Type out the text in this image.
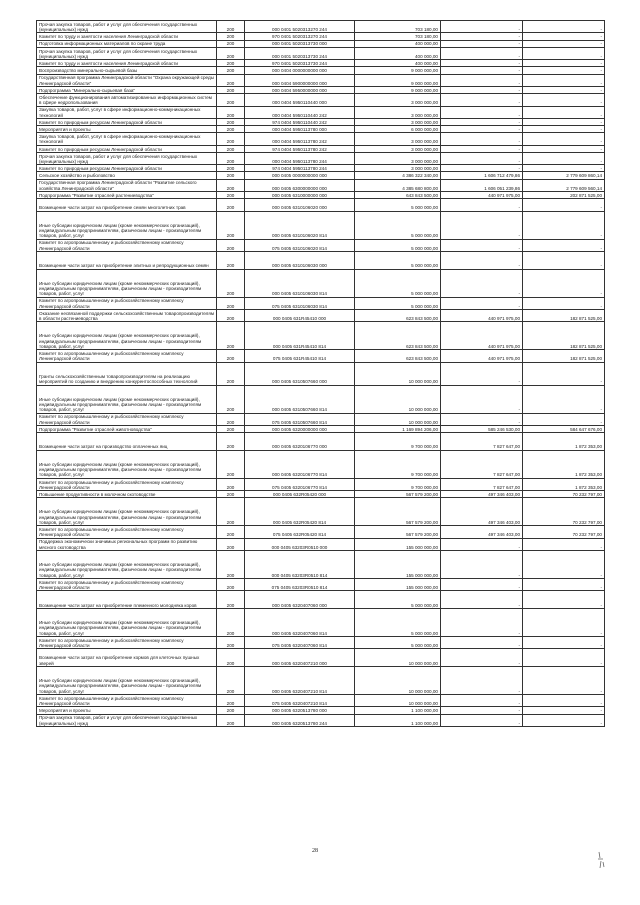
Прочая закупка товаров, работ и услуг для обеспечения государственных (муниципальных) нужд	200	000 0401 5020313270 244	703 180,00	-	-
Комитет по труду и занятости населения Ленинградской области	200	970 0401 5020313270 244	703 180,00	-	-
Подготовка информационных материалов по охране труда	200	000 0401 5020313730 000	400 000,00	-	-
Прочая закупка товаров, работ и услуг для обеспечения государственных (муниципальных) нужд	200	000 0401 5020313730 244	400 000,00	-	-
Комитет по труду и занятости населения Ленинградской области	200	970 0401 5020313730 244	400 000,00	-	-
Воспроизводство минерально-сырьевой базы	200	000 0404 0000000000 000	9 000 000,00	-	-
Государственная программа Ленинградской области "Охрана окружающей среды Ленинградской области"	200	000 0404 5900000000 000	9 000 000,00	-	-
Подпрограмма "Минерально-сырьевая база"	200	000 0404 5950000000 000	9 000 000,00	-	-
Обеспечение функционирования автоматизированных информационных систем в сфере недропользования	200	000 0404 5950110440 000	3 000 000,00	-	-
Закупка товаров, работ, услуг в сфере информационно-коммуникационных технологий	200	000 0404 5950110440 242	3 000 000,00	-	-
Комитет по природным ресурсам Ленинградской области	200	974 0404 5950110440 242	3 000 000,00	-	-
Мероприятия и проекты	200	000 0404 5950113780 000	6 000 000,00	-	-
Закупка товаров, работ, услуг в сфере информационно-коммуникационных технологий	200	000 0404 5950113780 242	3 000 000,00	-	-
Комитет по природным ресурсам Ленинградской области	200	974 0404 5950113780 242	3 000 000,00	-	-
Прочая закупка товаров, работ и услуг для обеспечения государственных (муниципальных) нужд	200	000 0404 5950113780 244	3 000 000,00	-	-
Комитет по природным ресурсам Ленинградской области	200	974 0404 5950113780 244	3 000 000,00	-	-
Сельское хозяйство и рыболовство	200	000 0405 0000000000 000	4 386 322 340,00	1 606 712 479,86	2 779 609 860,14
Государственная программа Ленинградской области "Развитие сельского хозяйства Ленинградской области"	200	000 0405 6300000000 000	4 385 680 800,00	1 606 051 239,86	2 779 609 560,14
Подпрограмма "Развитие отраслей растениеводства"	200	000 0405 6310000000 000	643 843 500,00	440 971 975,00	202 871 525,00
Возмещение части затрат на приобретение семян многолетних трав	200	000 0405 6310106020 000	5 000 000,00	-	-
Иные субсидии юридическим лицам (кроме некоммерческих организаций), индивидуальным предпринимателям, физическим лицам - производителям товаров, работ, услуг	200	000 0405 6310106020 814	5 000 000,00	-	-
Комитет по агропромышленному и рыбохозяйственному комплексу Ленинградской области	200	075 0405 6310106020 814	5 000 000,00	-	-
Возмещение части затрат на приобретение элитных и репродукционных семян	200	000 0405 6310106030 000	5 000 000,00	-	-
Иные субсидии юридическим лицам (кроме некоммерческих организаций), индивидуальным предпринимателям, физическим лицам - производителям товаров, работ, услуг	200	000 0405 6310106030 814	5 000 000,00	-	-
Комитет по агропромышленному и рыбохозяйственному комплексу Ленинградской области	200	075 0405 6310106030 814	5 000 000,00	-	-
Оказание несвязанной поддержки сельскохозяйственным товаропроизводителям в области растениеводства	200	000 0405 631R45410 000	623 843 500,00	440 971 975,00	182 871 525,00
Иные субсидии юридическим лицам (кроме некоммерческих организаций), индивидуальным предпринимателям, физическим лицам - производителям товаров, работ, услуг	200	000 0405 631R45410 814	623 843 500,00	440 971 975,00	182 871 525,00
Комитет по агропромышленному и рыбохозяйственному комплексу Ленинградской области	200	075 0405 631R45410 814	623 843 500,00	440 971 975,00	182 871 525,00
Гранты сельскохозяйственным товаропроизводителям на реализацию мероприятий по созданию и внедрению конкурентоспособных технологий	200	000 0405 6310507660 000	10 000 000,00	-	-
Иные субсидии юридическим лицам (кроме некоммерческих организаций), индивидуальным предпринимателям, физическим лицам - производителям товаров, работ, услуг	200	000 0405 6310507660 814	10 000 000,00	-	-
Комитет по агропромышленному и рыбохозяйственному комплексу Ленинградской области	200	075 0405 6310507660 814	10 000 000,00	-	-
Подпрограмма "Развитие отраслей животноводства"	200	000 0405 6320000000 000	1 169 894 206,00	585 246 530,00	584 647 676,00
Возмещение части затрат на производство оплаченных яиц	200	000 0405 6320106770 000	9 700 000,00	7 827 647,00	1 872 353,00
Иные субсидии юридическим лицам (кроме некоммерческих организаций), индивидуальным предпринимателям, физическим лицам - производителям товаров, работ, услуг	200	000 0405 6320106770 814	9 700 000,00	7 827 647,00	1 872 353,00
Комитет по агропромышленному и рыбохозяйственному комплексу Ленинградской области	200	075 0405 6320106770 814	9 700 000,00	7 827 647,00	1 872 353,00
Повышение продуктивности в молочном скотоводстве	200	000 0405 632R05420 000	567 579 200,00	497 346 403,00	70 232 797,00
Иные субсидии юридическим лицам (кроме некоммерческих организаций), индивидуальным предпринимателям, физическим лицам - производителям товаров, работ, услуг	200	000 0405 632R05420 814	567 579 200,00	497 346 403,00	70 232 797,00
Комитет по агропромышленному и рыбохозяйственному комплексу Ленинградской области	200	075 0405 632R05420 814	567 579 200,00	497 346 403,00	70 232 797,00
Поддержка экономически значимых региональных программ по развитию мясного скотоводства	200	000 0405 63203R0510 000	155 000 000,00	-	-
Иные субсидии юридическим лицам (кроме некоммерческих организаций), индивидуальным предпринимателям, физическим лицам - производителям товаров, работ, услуг	200	000 0405 63203R0510 814	155 000 000,00	-	-
Комитет по агропромышленному и рыбохозяйственному комплексу Ленинградской области	200	075 0405 63203R0510 814	155 000 000,00	-	-
Возмещение части затрат на приобретение племенного молодняка коров	200	000 0405 6320407060 000	5 000 000,00	-	-
Иные субсидии юридическим лицам (кроме некоммерческих организаций), индивидуальным предпринимателям, физическим лицам - производителям товаров, работ, услуг	200	000 0405 6320407060 814	5 000 000,00	-	-
Комитет по агропромышленному и рыбохозяйственному комплексу Ленинградской области	200	075 0405 6320407060 814	5 000 000,00	-	-
Возмещение части затрат на приобретение кормов для клеточных пушных зверей	200	000 0405 6320407210 000	10 000 000,00	-	-
Иные субсидии юридическим лицам (кроме некоммерческих организаций), индивидуальным предпринимателям, физическим лицам - производителям товаров, работ, услуг	200	000 0405 6320407210 814	10 000 000,00	-	-
Комитет по агропромышленному и рыбохозяйственному комплексу Ленинградской области	200	075 0405 6320407210 814	10 000 000,00	-	-
Мероприятия и проекты	200	000 0405 6320513780 000	1 100 000,00	-	-
Прочая закупка товаров, работ и услуг для обеспечения государственных (муниципальных) нужд	200	000 0405 6320513780 244	1 100 000,00	-	-
28
